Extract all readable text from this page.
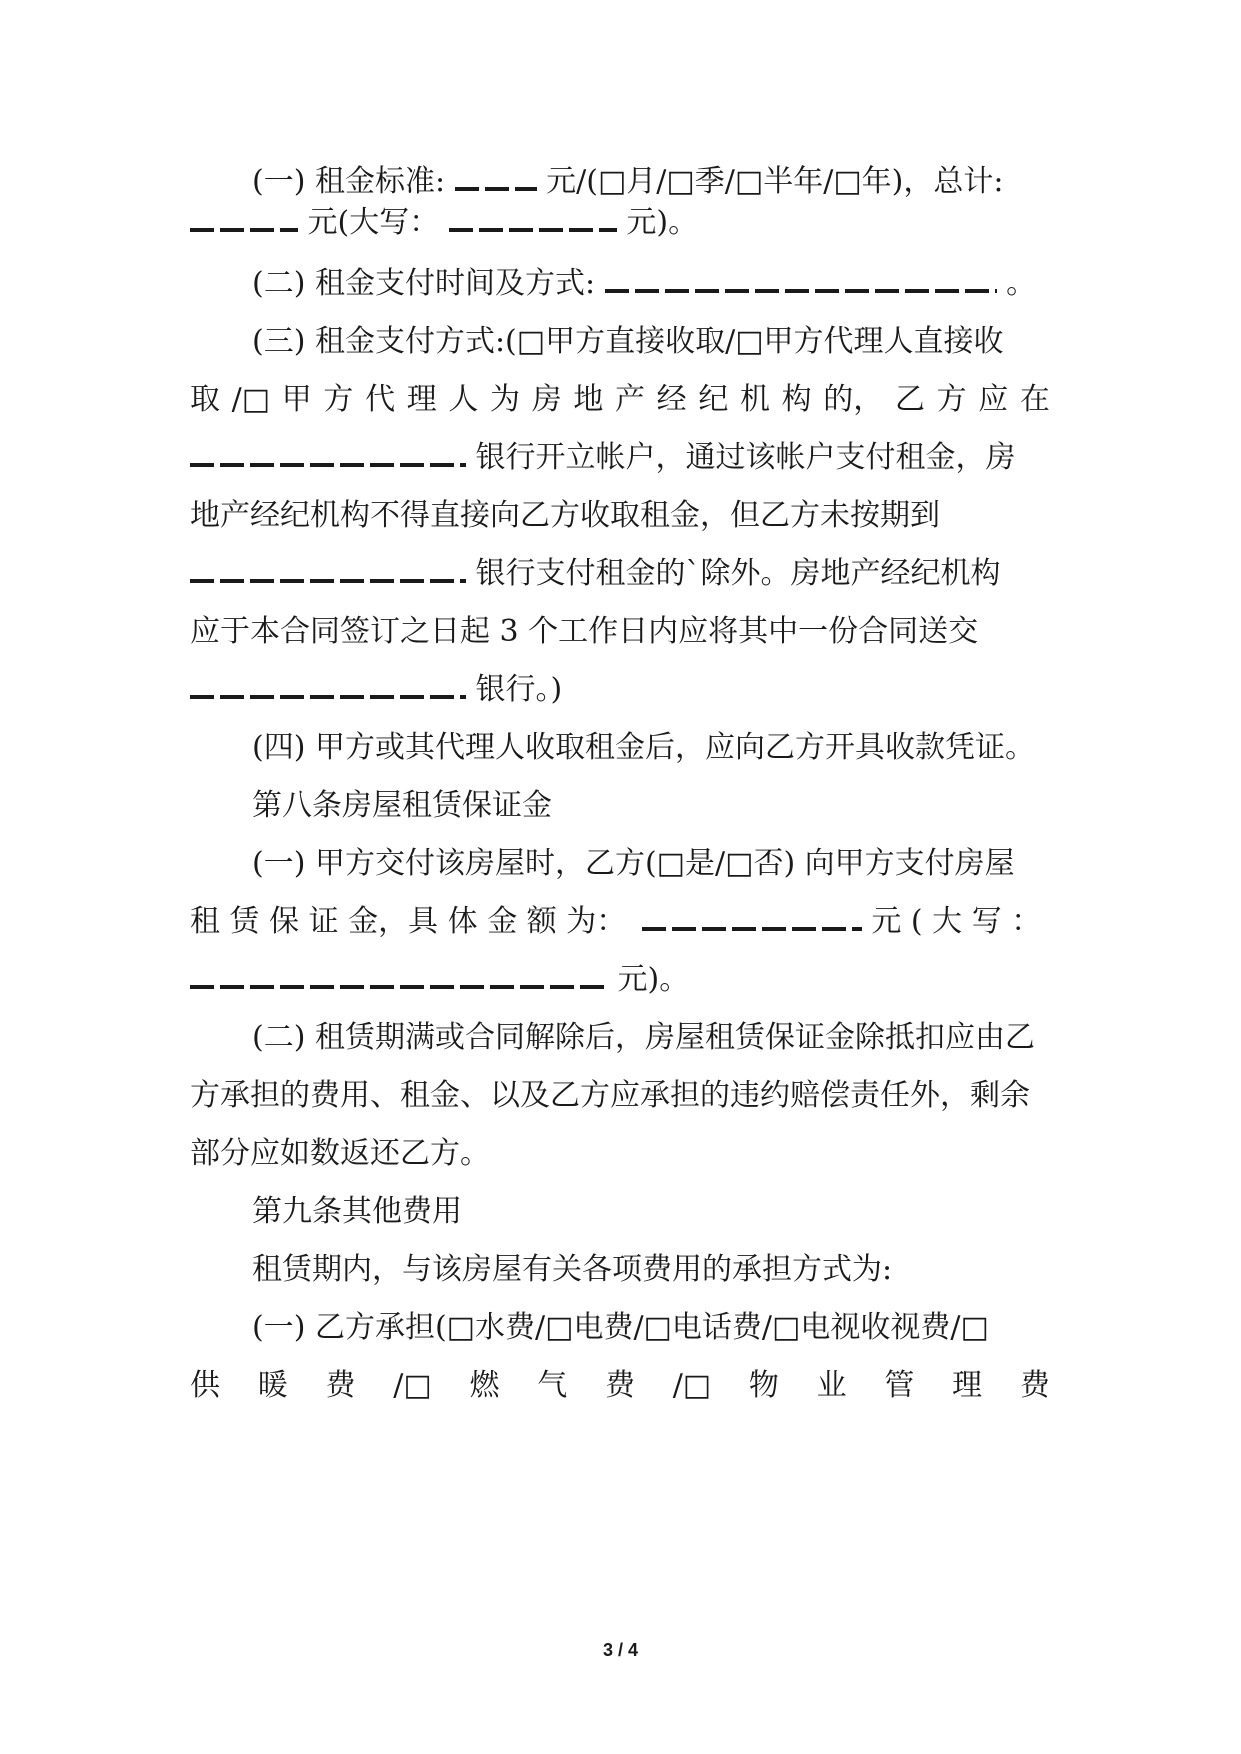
(一) 租金标准:	元/(□月/□季/□半年/□年)，总计:
元(大写：	元)。
(二) 租金支付时间及方式:	。
(三) 租金支付方式:(□甲方直接收取/□甲方代理人直接收
取 /□ 甲 方 代 理 人 为 房 地 产 经 纪 机 构 的， 乙 方 应 在
银行开立帐户，通过该帐户支付租金，房
地产经纪机构不得直接向乙方收取租金，但乙方未按期到
银行支付租金的`除外。房地产经纪机构
应于本合同签订之日起 3 个工作日内应将其中一份合同送交
银行。)
(四) 甲方或其代理人收取租金后，应向乙方开具收款凭证。
第八条房屋租赁保证金
(一) 甲方交付该房屋时，乙方(□是/□否) 向甲方支付房屋
租 赁 保 证 金，具 体 金 额 为：	元 ( 大 写 ：
元)。
(二) 租赁期满或合同解除后，房屋租赁保证金除抵扣应由乙
方承担的费用、租金、以及乙方应承担的违约赔偿责任外，剩余
部分应如数返还乙方。
第九条其他费用
租赁期内，与该房屋有关各项费用的承担方式为:
(一) 乙方承担(□水费/□电费/□电话费/□电视收视费/□
供 暖 费 /□ 燃 气 费 /□ 物 业 管 理 费
3 / 4
